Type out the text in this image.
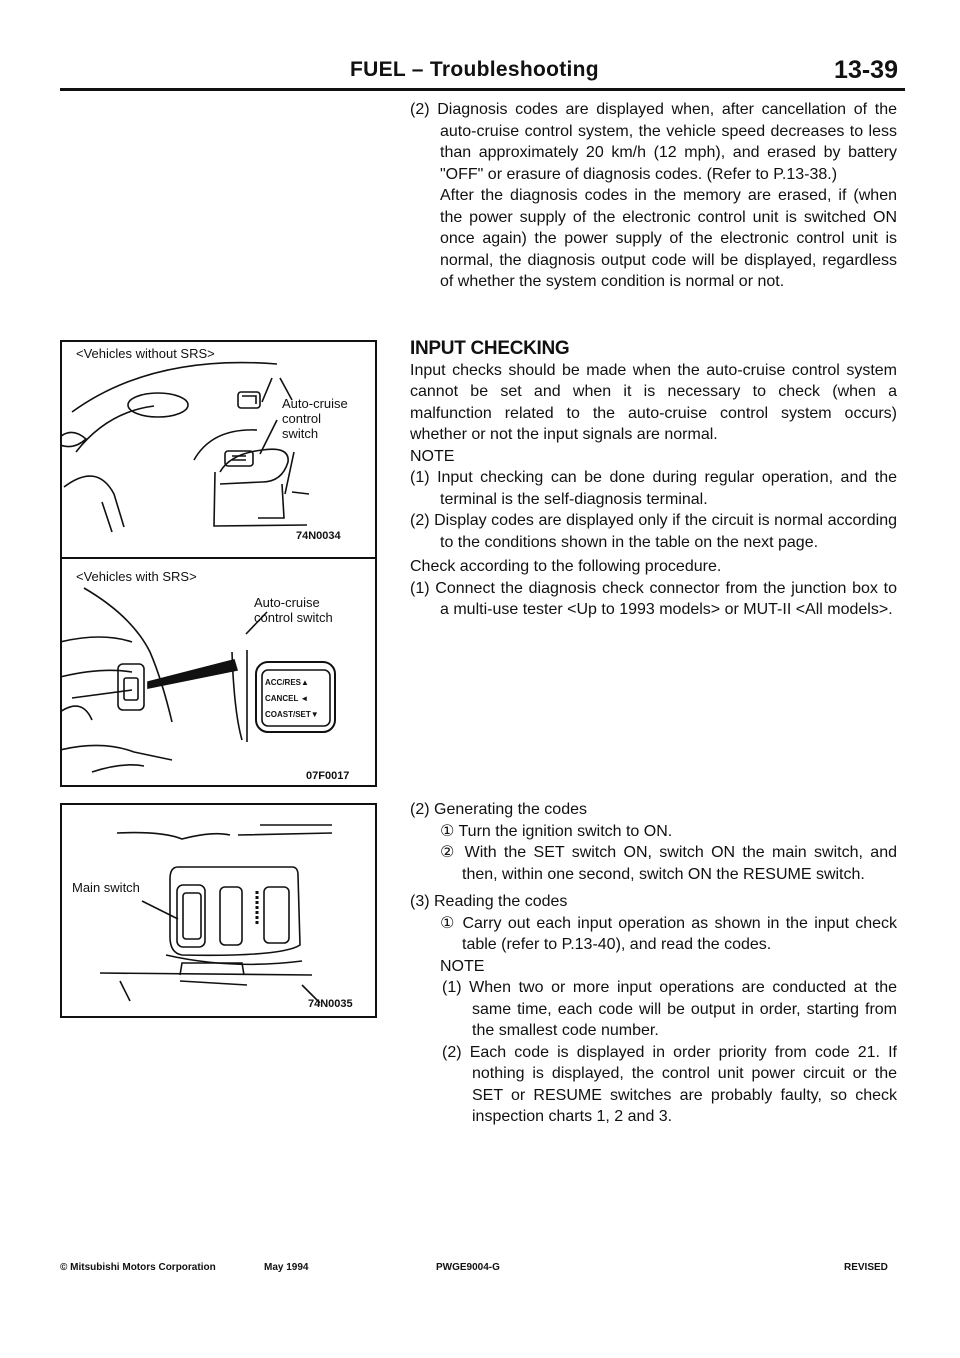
FUEL – Troubleshooting	13-39

(2) Diagnosis codes are displayed when, after cancellation of the auto-cruise control system, the vehicle speed decreases to less than approximately 20 km/h (12 mph), and erased by battery "OFF" or erasure of diagnosis codes. (Refer to P.13-38.)

After the diagnosis codes in the memory are erased, if (when the power supply of the electronic control unit is switched ON once again) the power supply of the electronic control unit is normal, the diagnosis output code will be displayed, regardless of whether the system condition is normal or not.

INPUT CHECKING

Input checks should be made when the auto-cruise control system cannot be set and when it is necessary to check (when a malfunction related to the auto-cruise control system occurs) whether or not the input signals are normal.

NOTE

(1) Input checking can be done during regular operation, and the terminal is the self-diagnosis terminal.

(2) Display codes are displayed only if the circuit is normal according to the conditions shown in the table on the next page.

Check according to the following procedure.

(1) Connect the diagnosis check connector from the junction box to a multi-use tester <Up to 1993 models> or MUT-II <All models>.

(2) Generating the codes

① Turn the ignition switch to ON.

② With the SET switch ON, switch ON the main switch, and then, within one second, switch ON the RESUME switch.

(3) Reading the codes

① Carry out each input operation as shown in the input check table (refer to P.13-40), and read the codes.

NOTE

(1) When two or more input operations are conducted at the same time, each code will be output in order, starting from the smallest code number.

(2) Each code is displayed in order priority from code 21. If nothing is displayed, the control unit power circuit or the SET or RESUME switches are probably faulty, so check inspection charts 1, 2 and 3.

<Vehicles without SRS>
Auto-cruise
control
switch
74N0034
<Vehicles with SRS>
Auto-cruise
control switch
ACC/RES▲
CANCEL ◄
COAST/SET▼
07F0017
Main switch
74N0035
© Mitsubishi Motors Corporation	May 1994	PWGE9004-G	REVISED
